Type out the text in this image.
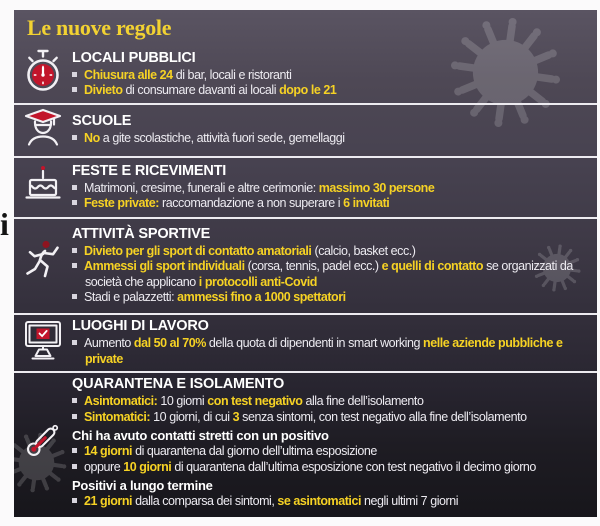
i
Le nuove regole
LOCALI PUBBLICI
Chiusura alle 24 di bar, locali e ristoranti
Divieto di consumare davanti ai locali dopo le 21
SCUOLE
No a gite scolastiche, attività fuori sede, gemellaggi
FESTE E RICEVIMENTI
Matrimoni, cresime, funerali e altre cerimonie: massimo 30 persone
Feste private: raccomandazione a non superare i 6 invitati
ATTIVITÀ SPORTIVE
Divieto per gli sport di contatto amatoriali (calcio, basket ecc.)
Ammessi gli sport individuali (corsa, tennis, padel ecc.) e quelli di contatto se organizzati da società che applicano i protocolli anti-Covid
Stadi e palazzetti: ammessi fino a 1000 spettatori
LUOGHI DI LAVORO
Aumento dal 50 al 70% della quota di dipendenti in smart working nelle aziende pubbliche e private
QUARANTENA E ISOLAMENTO
Asintomatici: 10 giorni con test negativo alla fine dell’isolamento
Sintomatici: 10 giorni, di cui 3 senza sintomi, con test negativo alla fine dell’isolamento
Chi ha avuto contatti stretti con un positivo
14 giorni di quarantena dal giorno dell’ultima esposizione
oppure 10 giorni di quarantena dall’ultima esposizione con test negativo il decimo giorno
Positivi a lungo termine
21 giorni dalla comparsa dei sintomi, se asintomatici negli ultimi 7 giorni
